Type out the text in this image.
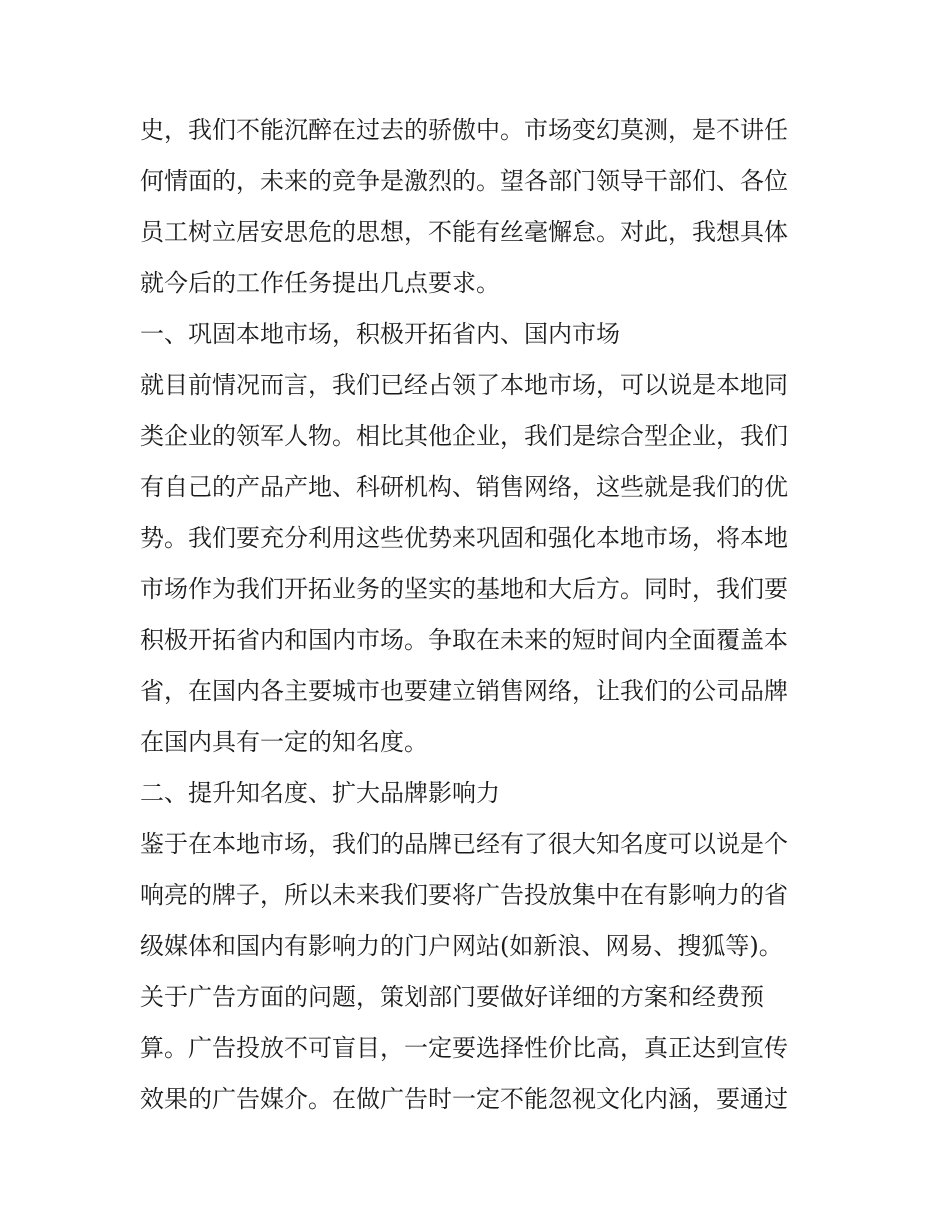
史，我们不能沉醉在过去的骄傲中。市场变幻莫测，是不讲任
何情面的，未来的竞争是激烈的。望各部门领导干部们、各位
员工树立居安思危的思想，不能有丝毫懈怠。对此，我想具体
就今后的工作任务提出几点要求。
一、巩固本地市场，积极开拓省内、国内市场
就目前情况而言，我们已经占领了本地市场，可以说是本地同
类企业的领军人物。相比其他企业，我们是综合型企业，我们
有自己的产品产地、科研机构、销售网络，这些就是我们的优
势。我们要充分利用这些优势来巩固和强化本地市场，将本地
市场作为我们开拓业务的坚实的基地和大后方。同时，我们要
积极开拓省内和国内市场。争取在未来的短时间内全面覆盖本
省，在国内各主要城市也要建立销售网络，让我们的公司品牌
在国内具有一定的知名度。
二、提升知名度、扩大品牌影响力
鉴于在本地市场，我们的品牌已经有了很大知名度可以说是个
响亮的牌子，所以未来我们要将广告投放集中在有影响力的省
级媒体和国内有影响力的门户网站(如新浪、网易、搜狐等)。
关于广告方面的问题，策划部门要做好详细的方案和经费预
算。广告投放不可盲目，一定要选择性价比高，真正达到宣传
效果的广告媒介。在做广告时一定不能忽视文化内涵，要通过
